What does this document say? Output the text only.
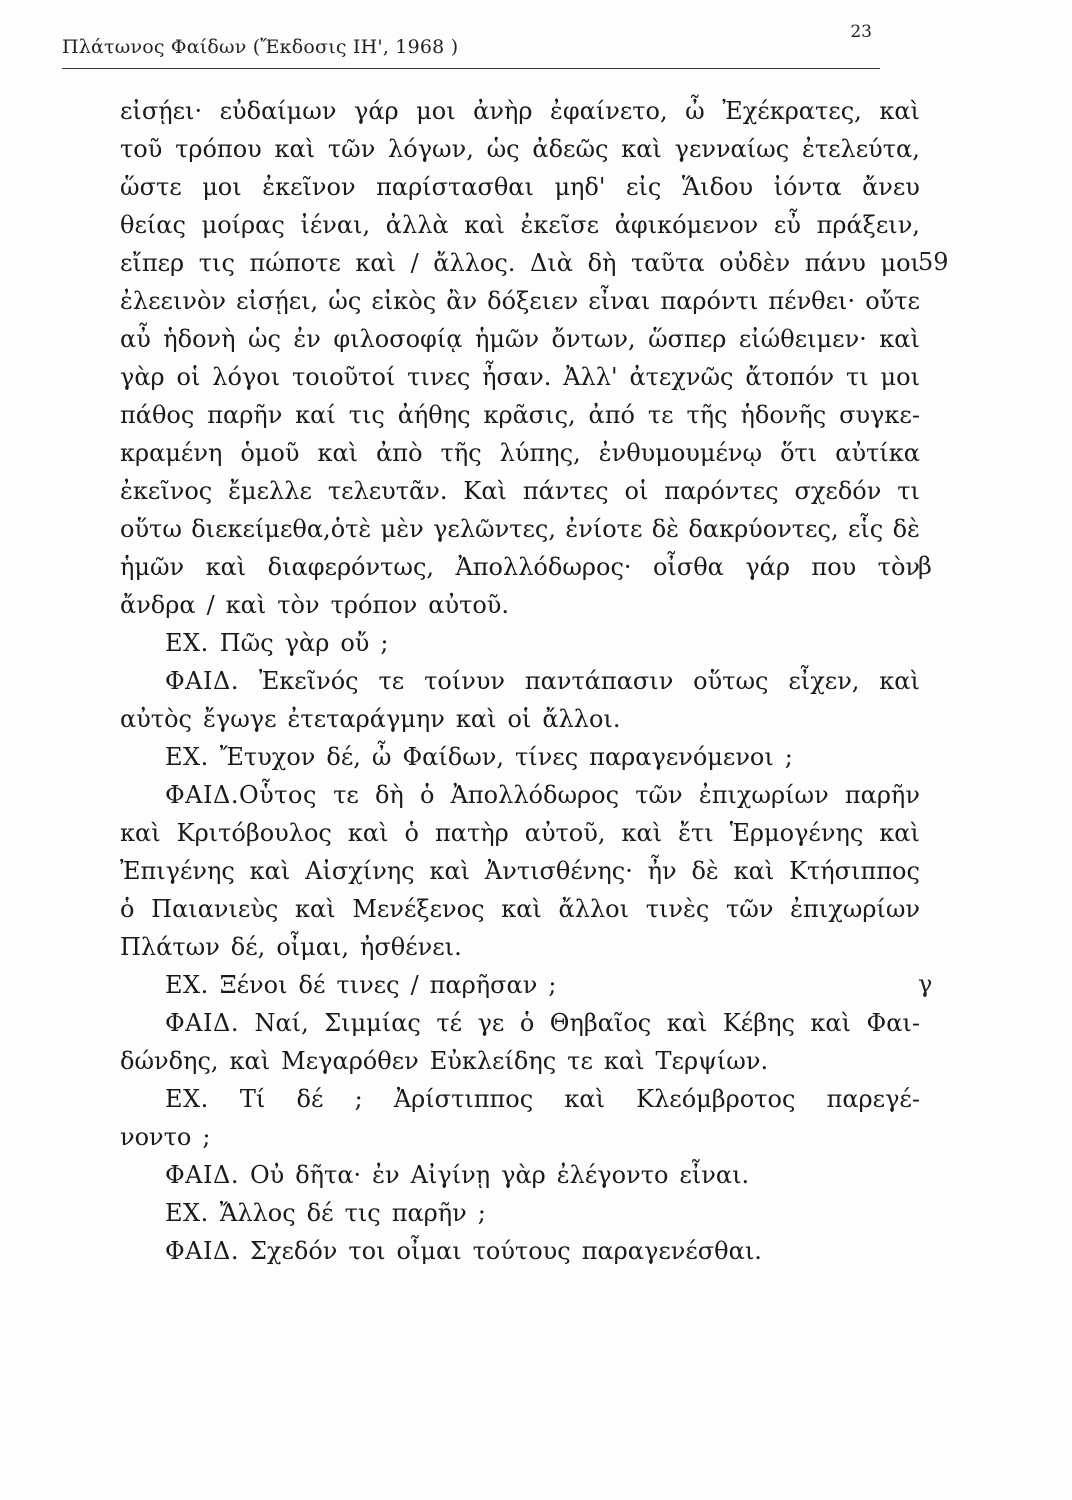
Πλάτωνος Φαίδων (Ἔκδοσις ΙΗ', 1968 )
23
εἰσῄει· εὐδαίμων γάρ μοι ἀνὴρ ἐφαίνετο, ὦ Ἐχέκρατες, καὶ
τοῦ τρόπου καὶ τῶν λόγων, ὡς ἀδεῶς καὶ γενναίως ἐτελεύτα,
ὥστε μοι ἐκεῖνον παρίστασθαι μηδ' εἰς Ἅιδου ἰόντα ἄνευ
θείας μοίρας ἰέναι, ἀλλὰ καὶ ἐκεῖσε ἀφικόμενον εὖ πράξειν,
εἴπερ τις πώποτε καὶ / ἄλλος. Διὰ δὴ ταῦτα οὐδὲν πάνυ μοι
ἐλεεινὸν εἰσῄει, ὡς εἰκὸς ἂν δόξειεν εἶναι παρόντι πένθει· οὔτε
αὖ ἡδονὴ ὡς ἐν φιλοσοφίᾳ ἡμῶν ὄντων, ὥσπερ εἰώθειμεν· καὶ
γὰρ οἱ λόγοι τοιοῦτοί τινες ἦσαν. Ἀλλ' ἀτεχνῶς ἄτοπόν τι μοι
πάθος παρῆν καί τις ἀήθης κρᾶσις, ἀπό τε τῆς ἡδονῆς συγκε-
κραμένη ὁμοῦ καὶ ἀπὸ τῆς λύπης, ἐνθυμουμένῳ ὅτι αὐτίκα
ἐκεῖνος ἔμελλε τελευτᾶν. Καὶ πάντες οἱ παρόντες σχεδόν τι
οὕτω διεκείμεθα,ὁτὲ μὲν γελῶντες, ἐνίοτε δὲ δακρύοντες, εἷς δὲ
ἡμῶν καὶ διαφερόντως, Ἀπολλόδωρος· οἶσθα γάρ που τὸν
ἄνδρα / καὶ τὸν τρόπον αὐτοῦ.
ΕΧ. Πῶς γὰρ οὔ ;
ΦΑΙΔ. Ἐκεῖνός τε τοίνυν παντάπασιν οὕτως εἶχεν, καὶ
αὐτὸς ἔγωγε ἐτεταράγμην καὶ οἱ ἄλλοι.
ΕΧ. Ἔτυχον δέ, ὦ Φαίδων, τίνες παραγενόμενοι ;
ΦΑΙΔ.Οὗτος τε δὴ ὁ Ἀπολλόδωρος τῶν ἐπιχωρίων παρῆν
καὶ Κριτόβουλος καὶ ὁ πατὴρ αὐτοῦ, καὶ ἔτι Ἑρμογένης καὶ
Ἐπιγένης καὶ Αἰσχίνης καὶ Ἀντισθένης· ἦν δὲ καὶ Κτήσιππος
ὁ Παιανιεὺς καὶ Μενέξενος καὶ ἄλλοι τινὲς τῶν ἐπιχωρίων
Πλάτων δέ, οἶμαι, ἠσθένει.
ΕΧ. Ξένοι δέ τινες / παρῆσαν ;
ΦΑΙΔ. Ναί, Σιμμίας τέ γε ὁ Θηβαῖος καὶ Κέβης καὶ Φαι-
δώνδης, καὶ Μεγαρόθεν Εὐκλείδης τε καὶ Τερψίων.
ΕΧ. Τί δέ ; Ἀρίστιππος καὶ Κλεόμβροτος παρεγέ-
νοντο ;
ΦΑΙΔ. Οὐ δῆτα· ἐν Αἰγίνῃ γὰρ ἐλέγοντο εἶναι.
ΕΧ. Ἄλλος δέ τις παρῆν ;
ΦΑΙΔ. Σχεδόν τοι οἶμαι τούτους παραγενέσθαι.
59
β
γ
